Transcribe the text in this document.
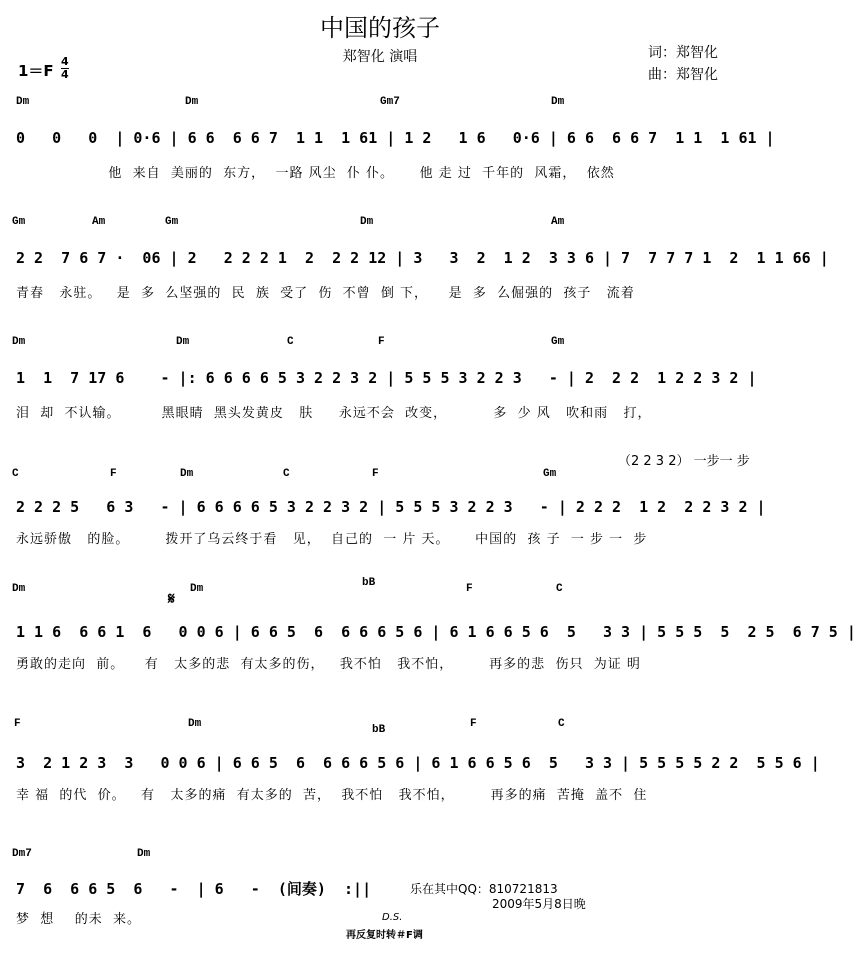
中国的孩子
郑智化 演唱	词：郑智化
曲：郑智化
1＝F
4
4
Dm	Dm	Gm7	Dm
0   0   0  | 0·6 | 6 6  6 6 7  1 1  1 61 | 1 2   1 6   0·6 | 6 6  6 6 7  1 1  1 61 |
他  来自  美丽的  东方，  一路 风尘  仆 仆。     他 走 过  千年的  风霜，  依然
Gm	Am	Gm	Dm	Am
2 2  7 6 7 ·  06 | 2   2 2 2 1  2  2 2 12 | 3   3  2  1 2  3 3 6 | 7  7 7 7 1  2  1 1 66 |
青春   永驻。   是  多  么坚强的  民  族  受了  伤  不曾  倒 下，    是  多  么倔强的  孩子   流着
Dm	Dm	C	F	Gm
1  1  7 17 6    - |: 6 6 6 6 5 3 2 2 3 2 | 5 5 5 3 2 2 3   - | 2  2 2  1 2 2 3 2 |
泪  却  不认输。        黑眼睛  黑头发黄皮   肤     永远不会  改变，         多  少 风   吹和雨   打，
C	F	Dm	C	F	Gm
（2 2 3 2） 一步一 步
2 2 2 5   6 3   - | 6 6 6 6 5 3 2 2 3 2 | 5 5 5 3 2 2 3   - | 2 2 2  1 2  2 2 3 2 |
永远骄傲   的脸。       拨开了乌云终于看   见，  自己的  一 片 天。     中国的  孩 子  一 步 一  步
Dm
𝄋
Dm	bB	F	C
1 1 6  6 6 1  6   0 0 6 | 6 6 5  6  6 6 6 5 6 | 6 1 6 6 5 6  5   3 3 | 5 5 5  5  2 5  6 7 5 |
勇敢的走向  前。    有   太多的悲  有太多的伤，   我不怕   我不怕，       再多的悲  伤只  为证 明
F	Dm	bB	F	C
3  2 1 2 3  3   0 0 6 | 6 6 5  6  6 6 6 5 6 | 6 1 6 6 5 6  5   3 3 | 5 5 5 5 2 2  5 5 6 |
幸 福  的代  价。   有   太多的痛  有太多的  苦，  我不怕   我不怕，       再多的痛  苦掩  盖不  住
Dm7	Dm
7  6  6 6 5  6   -  | 6   -  (间奏)  :||
梦  想    的未  来。
乐在其中QQ：810721813
2009年5月8日晚
D.S.
再反复时转＃F调
